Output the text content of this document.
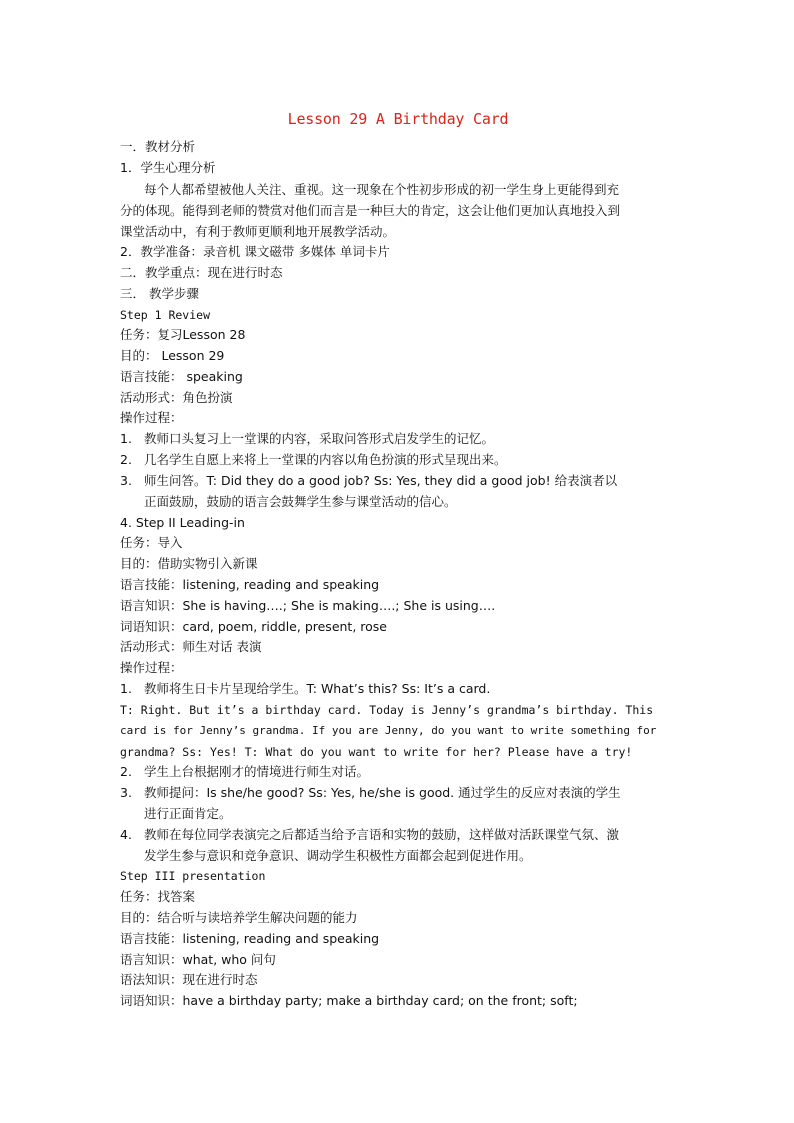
Lesson 29 A Birthday Card
一．教材分析
1．学生心理分析
每个人都希望被他人关注、重视。这一现象在个性初步形成的初一学生身上更能得到充
分的体现。能得到老师的赞赏对他们而言是一种巨大的肯定，这会让他们更加认真地投入到
课堂活动中，有利于教师更顺利地开展教学活动。
2．教学准备：录音机 课文磁带 多媒体 单词卡片
二．教学重点：现在进行时态
三． 教学步骤
Step 1 Review
任务：复习Lesson 28
目的： Lesson 29
语言技能： speaking
活动形式：角色扮演
操作过程：
1. 教师口头复习上一堂课的内容，采取问答形式启发学生的记忆。
2. 几名学生自愿上来将上一堂课的内容以角色扮演的形式呈现出来。
3. 师生问答。T: Did they do a good job? Ss: Yes, they did a good job! 给表演者以
正面鼓励，鼓励的语言会鼓舞学生参与课堂活动的信心。
4. Step II Leading-in
任务：导入
目的：借助实物引入新课
语言技能：listening, reading and speaking
语言知识：She is having….; She is making….; She is using….
词语知识：card, poem, riddle, present, rose
活动形式：师生对话 表演
操作过程：
1. 教师将生日卡片呈现给学生。T: What’s this? Ss: It’s a card.
T: Right. But it’s a birthday card. Today is Jenny’s grandma’s birthday. This
card is for Jenny’s grandma. If you are Jenny, do you want to write something for
grandma? Ss: Yes! T: What do you want to write for her? Please have a try!
2. 学生上台根据刚才的情境进行师生对话。
3. 教师提问：Is she/he good? Ss: Yes, he/she is good. 通过学生的反应对表演的学生
进行正面肯定。
4. 教师在每位同学表演完之后都适当给予言语和实物的鼓励，这样做对活跃课堂气氛、激
发学生参与意识和竞争意识、调动学生积极性方面都会起到促进作用。
Step III presentation
任务：找答案
目的：结合听与读培养学生解决问题的能力
语言技能：listening, reading and speaking
语言知识：what, who 问句
语法知识：现在进行时态
词语知识：have a birthday party; make a birthday card; on the front; soft;
